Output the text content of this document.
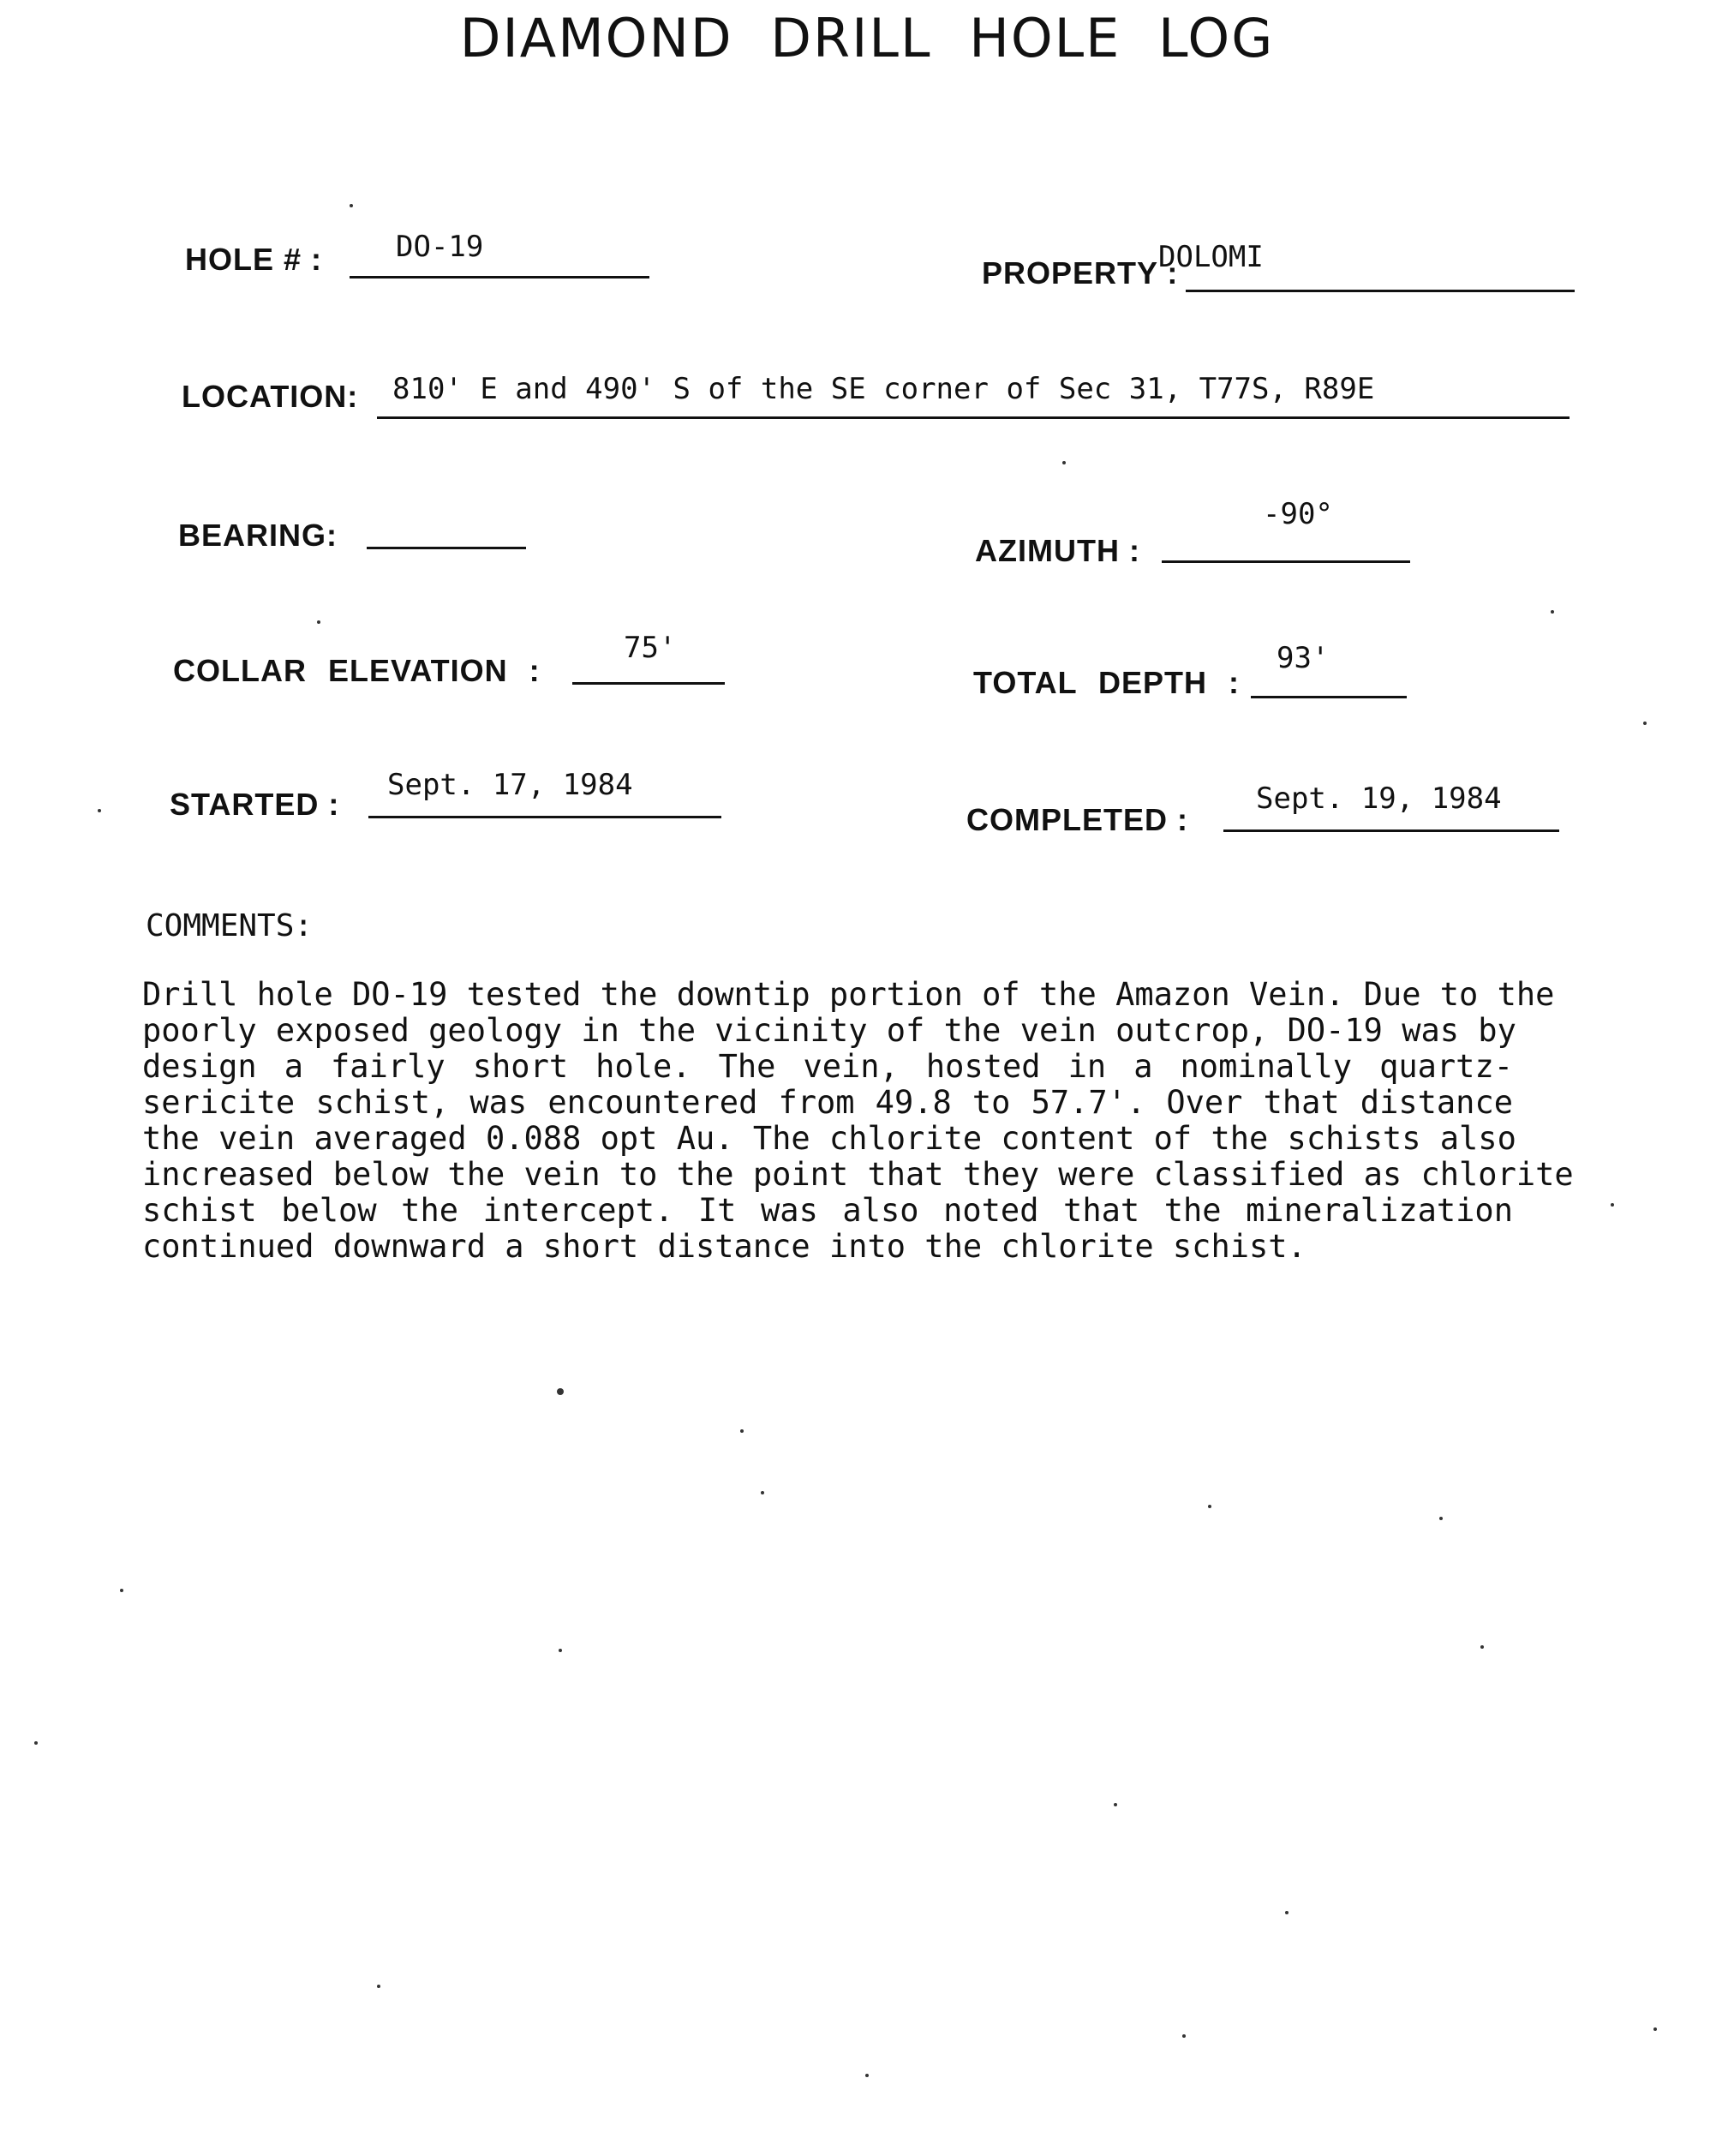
DIAMOND DRILL HOLE LOG
HOLE # :	DO-19
PROPERTY :
DOLOMI
LOCATION: 810' E and 490' S of the SE corner of Sec 31, T77S, R89E
BEARING:	AZIMUTH :
-90°
COLLAR ELEVATION :
75'
TOTAL DEPTH :
93'
STARTED :
Sept. 17, 1984
COMPLETED :
Sept. 19, 1984
COMMENTS:

Drill hole DO-19 tested the downtip portion of the Amazon Vein. Due to the

poorly exposed geology in the vicinity of the vein outcrop, DO-19 was by

design a fairly short hole. The vein, hosted in a nominally quartz-

sericite schist, was encountered from 49.8 to 57.7'. Over that distance

the vein averaged 0.088 opt Au. The chlorite content of the schists also

increased below the vein to the point that they were classified as chlorite

schist below the intercept. It was also noted that the mineralization

continued downward a short distance into the chlorite schist.
